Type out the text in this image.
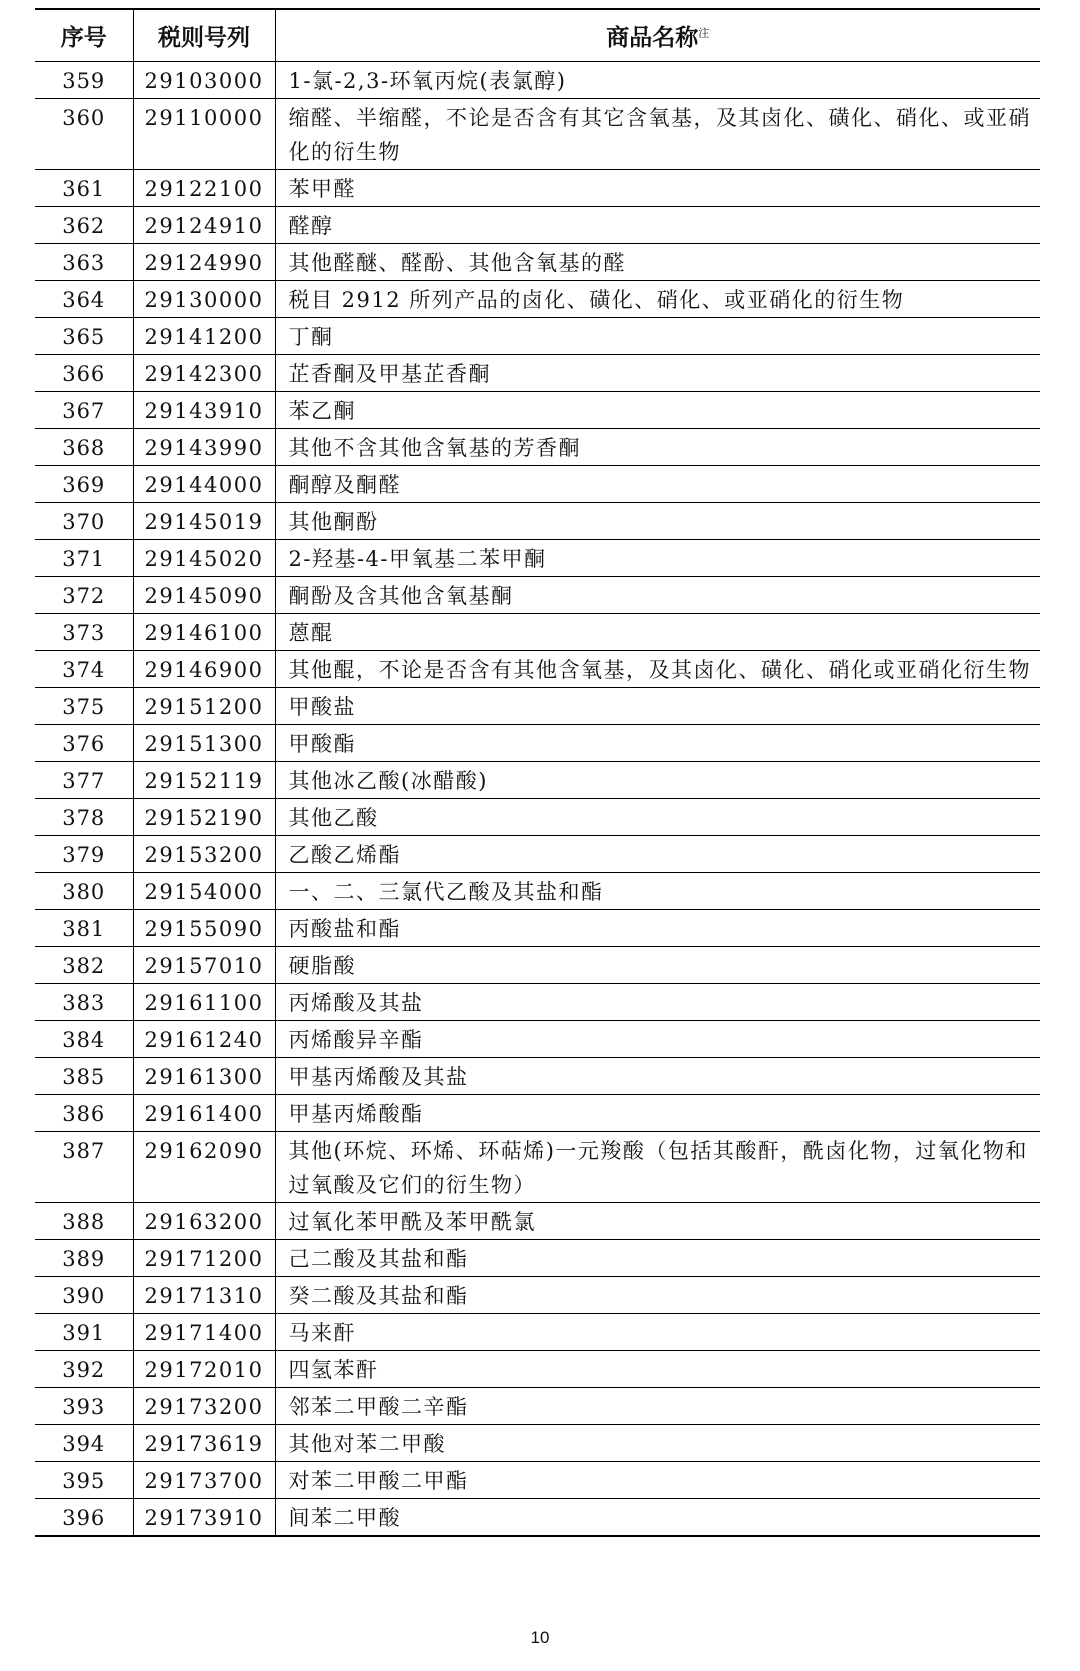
序号	税则号列	商品名称$^注$
359	29103000	1-氯-2,3-环氧丙烷(表氯醇)
360	29110000	缩醛、半缩醛，不论是否含有其它含氧基，及其卤化、磺化、硝化、或亚硝化的衍生物
361	29122100	苯甲醛
362	29124910	醛醇
363	29124990	其他醛醚、醛酚、其他含氧基的醛
364	29130000	税目 2912 所列产品的卤化、磺化、硝化、或亚硝化的衍生物
365	29141200	丁酮
366	29142300	芷香酮及甲基芷香酮
367	29143910	苯乙酮
368	29143990	其他不含其他含氧基的芳香酮
369	29144000	酮醇及酮醛
370	29145019	其他酮酚
371	29145020	2-羟基-4-甲氧基二苯甲酮
372	29145090	酮酚及含其他含氧基酮
373	29146100	蒽醌
374	29146900	其他醌，不论是否含有其他含氧基，及其卤化、磺化、硝化或亚硝化衍生物
375	29151200	甲酸盐
376	29151300	甲酸酯
377	29152119	其他冰乙酸(冰醋酸)
378	29152190	其他乙酸
379	29153200	乙酸乙烯酯
380	29154000	一、二、三氯代乙酸及其盐和酯
381	29155090	丙酸盐和酯
382	29157010	硬脂酸
383	29161100	丙烯酸及其盐
384	29161240	丙烯酸异辛酯
385	29161300	甲基丙烯酸及其盐
386	29161400	甲基丙烯酸酯
387	29162090	其他(环烷、环烯、环萜烯)一元羧酸（包括其酸酐，酰卤化物，过氧化物和过氧酸及它们的衍生物）
388	29163200	过氧化苯甲酰及苯甲酰氯
389	29171200	己二酸及其盐和酯
390	29171310	癸二酸及其盐和酯
391	29171400	马来酐
392	29172010	四氢苯酐
393	29173200	邻苯二甲酸二辛酯
394	29173619	其他对苯二甲酸
395	29173700	对苯二甲酸二甲酯
396	29173910	间苯二甲酸
10
